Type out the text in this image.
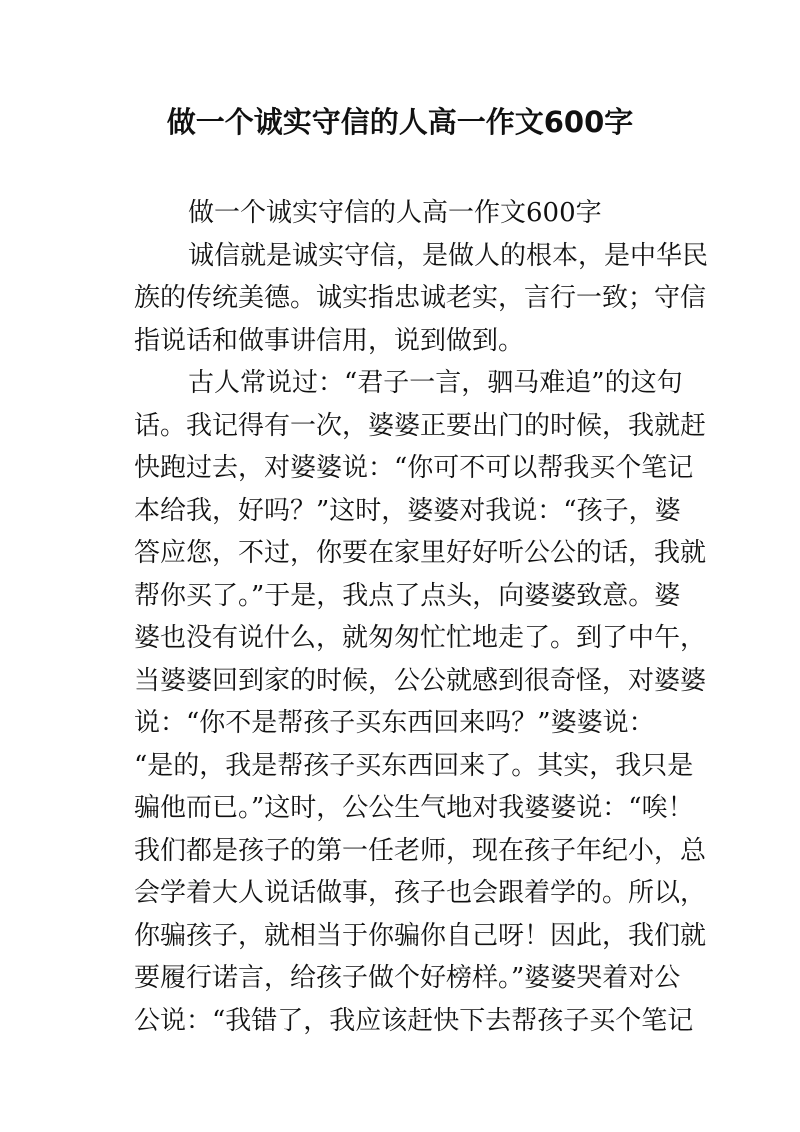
做一个诚实守信的人高一作文600字
做一个诚实守信的人高一作文600字
诚信就是诚实守信，是做人的根本，是中华民
族的传统美德。诚实指忠诚老实，言行一致；守信
指说话和做事讲信用，说到做到。
古人常说过：“君子一言，驷马难追”的这句
话。我记得有一次，婆婆正要出门的时候，我就赶
快跑过去，对婆婆说：“你可不可以帮我买个笔记
本给我，好吗？”这时，婆婆对我说：“孩子，婆
答应您，不过，你要在家里好好听公公的话，我就
帮你买了。”于是，我点了点头，向婆婆致意。婆
婆也没有说什么，就匆匆忙忙地走了。到了中午，
当婆婆回到家的时候，公公就感到很奇怪，对婆婆
说：“你不是帮孩子买东西回来吗？”婆婆说：
“是的，我是帮孩子买东西回来了。其实，我只是
骗他而已。”这时，公公生气地对我婆婆说：“唉！
我们都是孩子的第一任老师，现在孩子年纪小，总
会学着大人说话做事，孩子也会跟着学的。所以，
你骗孩子，就相当于你骗你自己呀！因此，我们就
要履行诺言，给孩子做个好榜样。”婆婆哭着对公
公说：“我错了，我应该赶快下去帮孩子买个笔记
